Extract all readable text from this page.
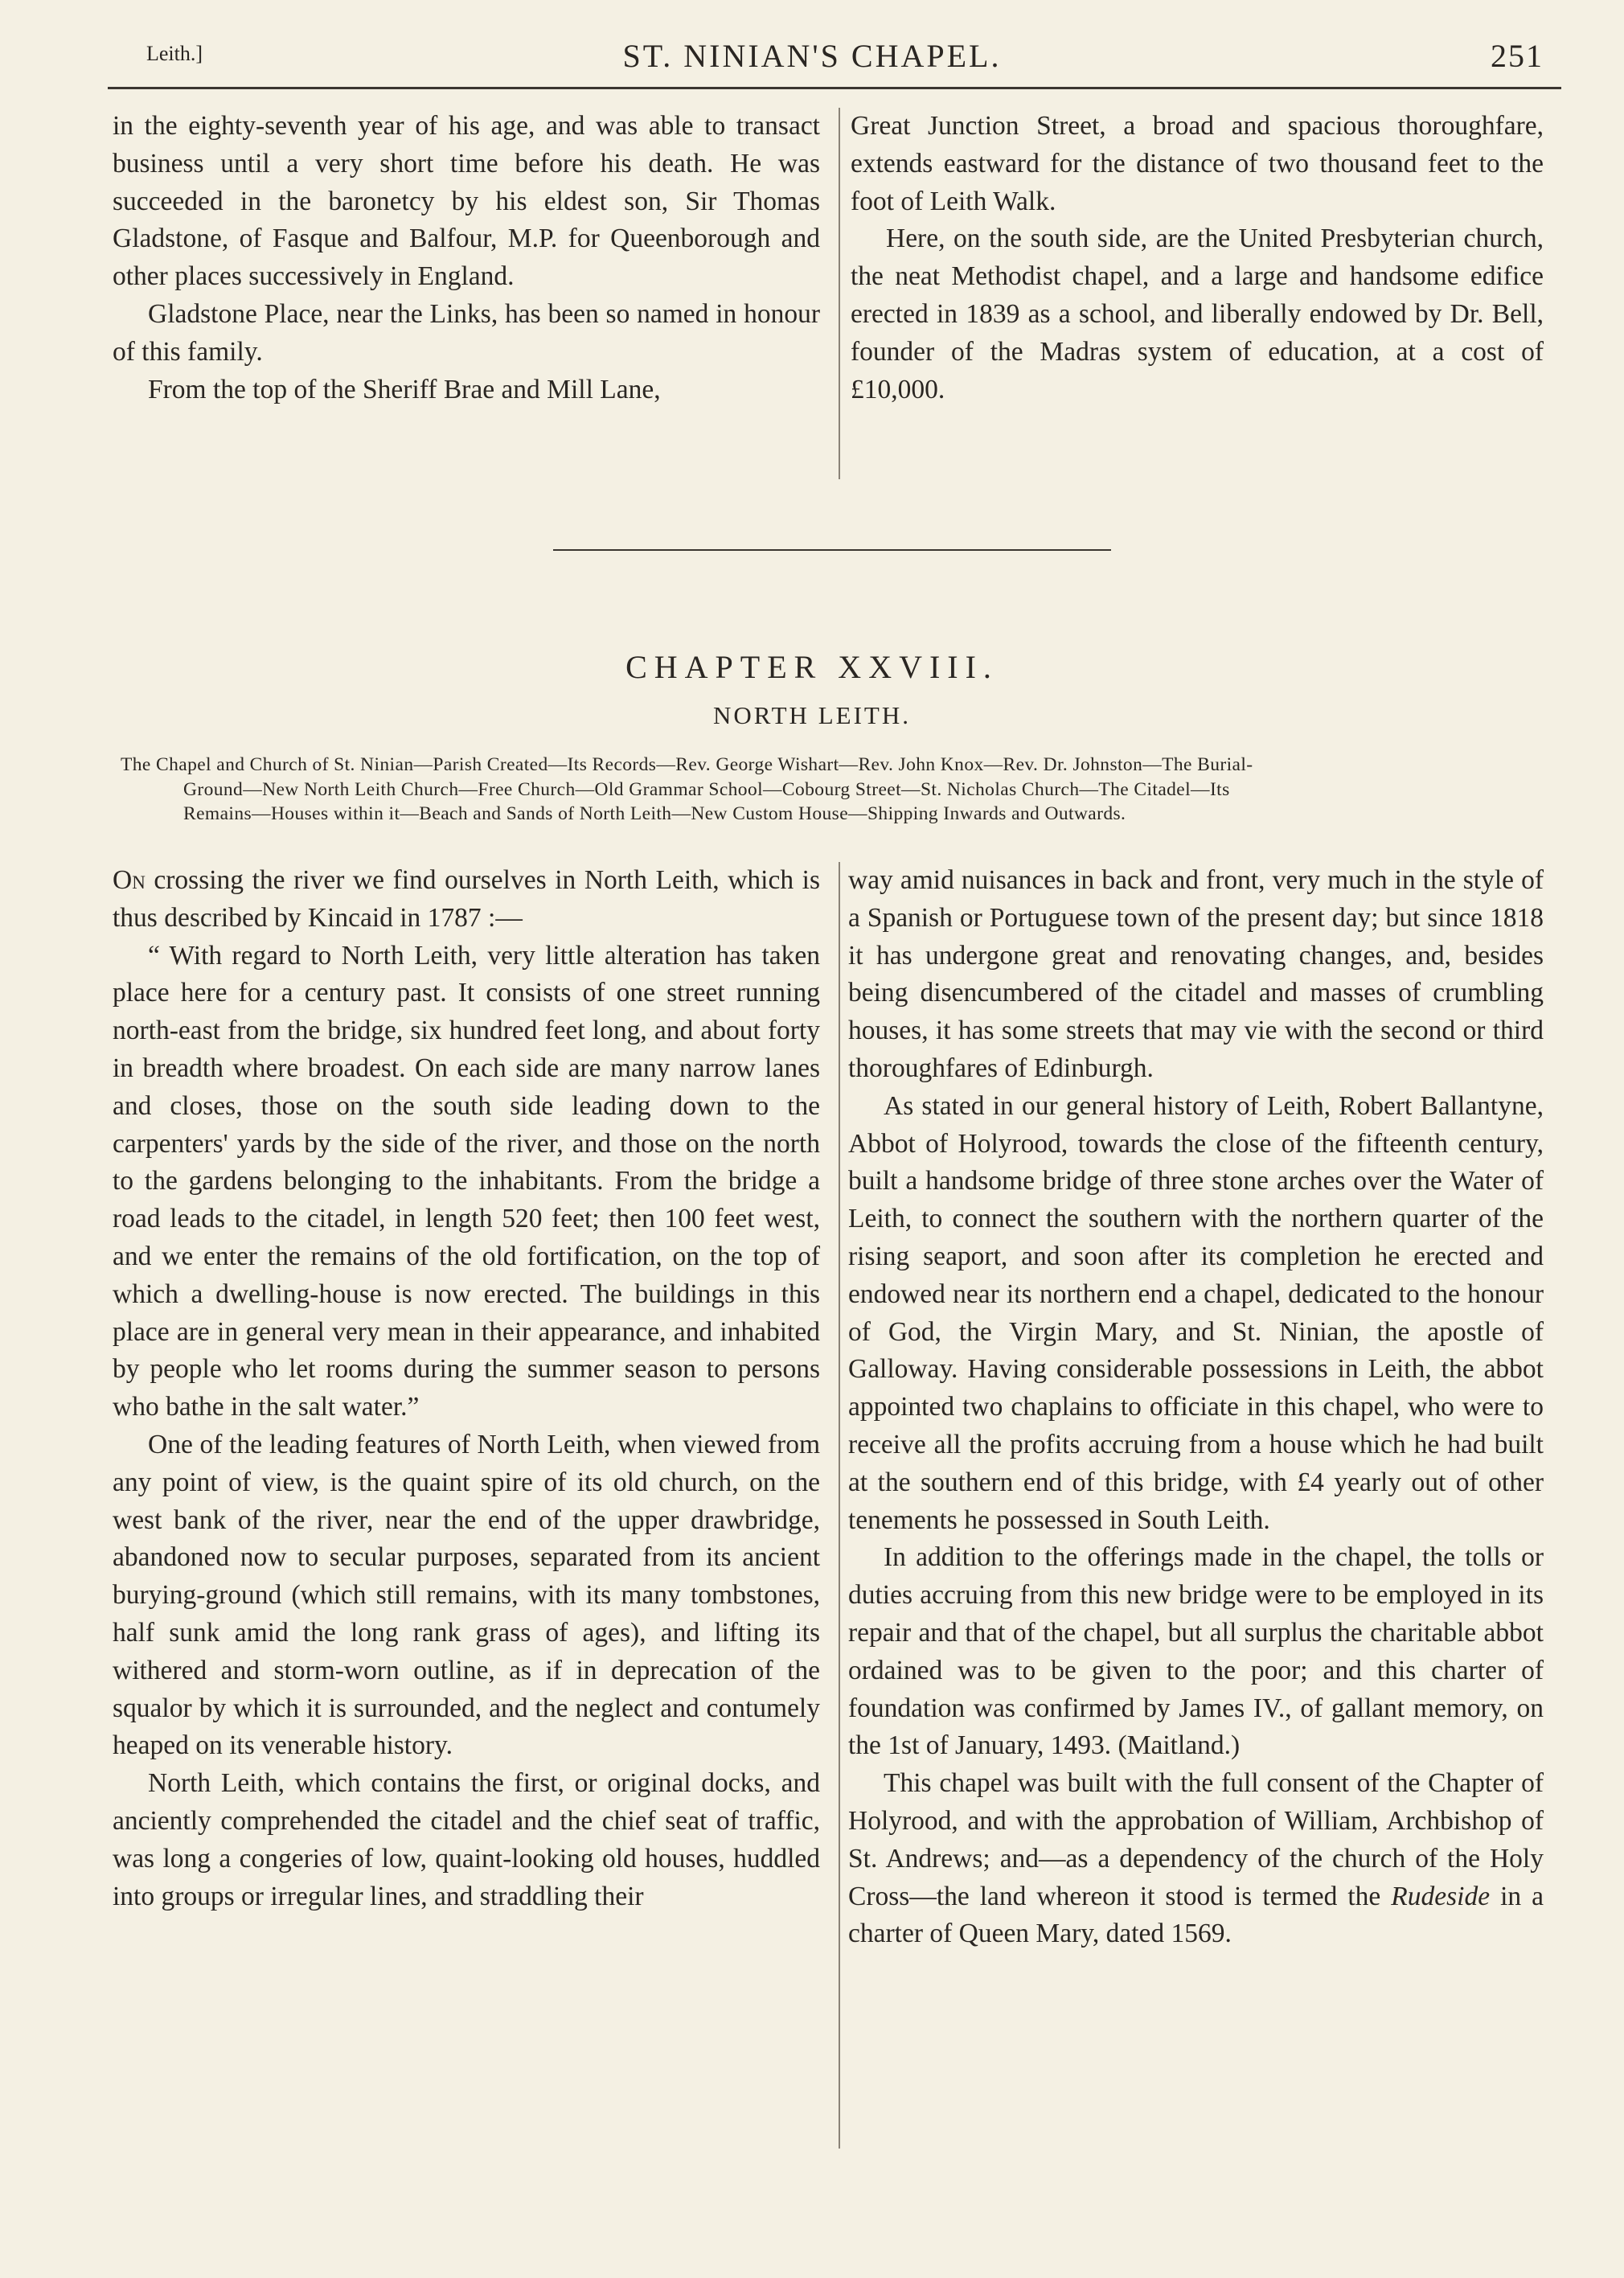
Leith.]	ST. NINIAN'S CHAPEL.	251

in the eighty-seventh year of his age, and was able to transact business until a very short time before his death. He was succeeded in the baronetcy by his eldest son, Sir Thomas Gladstone, of Fasque and Balfour, M.P. for Queenborough and other places successively in England.

Gladstone Place, near the Links, has been so named in honour of this family.

From the top of the Sheriff Brae and Mill Lane,

Great Junction Street, a broad and spacious thoroughfare, extends eastward for the distance of two thousand feet to the foot of Leith Walk.

Here, on the south side, are the United Presbyterian church, the neat Methodist chapel, and a large and handsome edifice erected in 1839 as a school, and liberally endowed by Dr. Bell, founder of the Madras system of education, at a cost of £10,000.

CHAPTER XXVIII.
NORTH LEITH.
The Chapel and Church of St. Ninian—Parish Created—Its Records—Rev. George Wishart—Rev. John Knox—Rev. Dr. Johnston—The Burial-
Ground—New North Leith Church—Free Church—Old Grammar School—Cobourg Street—St. Nicholas Church—The Citadel—Its
Remains—Houses within it—Beach and Sands of North Leith—New Custom House—Shipping Inwards and Outwards.

On crossing the river we find ourselves in North Leith, which is thus described by Kincaid in 1787 :—

“ With regard to North Leith, very little alteration has taken place here for a century past. It consists of one street running north-east from the bridge, six hundred feet long, and about forty in breadth where broadest. On each side are many narrow lanes and closes, those on the south side leading down to the carpenters' yards by the side of the river, and those on the north to the gardens belonging to the inhabitants. From the bridge a road leads to the citadel, in length 520 feet; then 100 feet west, and we enter the remains of the old fortification, on the top of which a dwelling-house is now erected. The buildings in this place are in general very mean in their appearance, and inhabited by people who let rooms during the summer season to persons who bathe in the salt water.”

One of the leading features of North Leith, when viewed from any point of view, is the quaint spire of its old church, on the west bank of the river, near the end of the upper drawbridge, abandoned now to secular purposes, separated from its ancient burying-ground (which still remains, with its many tombstones, half sunk amid the long rank grass of ages), and lifting its withered and storm-worn outline, as if in deprecation of the squalor by which it is surrounded, and the neglect and contumely heaped on its venerable history.

North Leith, which contains the first, or original docks, and anciently comprehended the citadel and the chief seat of traffic, was long a congeries of low, quaint-looking old houses, huddled into groups or irregular lines, and straddling their

way amid nuisances in back and front, very much in the style of a Spanish or Portuguese town of the present day; but since 1818 it has undergone great and renovating changes, and, besides being disencumbered of the citadel and masses of crumbling houses, it has some streets that may vie with the second or third thoroughfares of Edinburgh.

As stated in our general history of Leith, Robert Ballantyne, Abbot of Holyrood, towards the close of the fifteenth century, built a handsome bridge of three stone arches over the Water of Leith, to connect the southern with the northern quarter of the rising seaport, and soon after its completion he erected and endowed near its northern end a chapel, dedicated to the honour of God, the Virgin Mary, and St. Ninian, the apostle of Galloway. Having considerable possessions in Leith, the abbot appointed two chaplains to officiate in this chapel, who were to receive all the profits accruing from a house which he had built at the southern end of this bridge, with £4 yearly out of other tenements he possessed in South Leith.

In addition to the offerings made in the chapel, the tolls or duties accruing from this new bridge were to be employed in its repair and that of the chapel, but all surplus the charitable abbot ordained was to be given to the poor; and this charter of foundation was confirmed by James IV., of gallant memory, on the 1st of January, 1493. (Maitland.)

This chapel was built with the full consent of the Chapter of Holyrood, and with the approbation of William, Archbishop of St. Andrews; and—as a dependency of the church of the Holy Cross—the land whereon it stood is termed the Rudeside in a charter of Queen Mary, dated 1569.
